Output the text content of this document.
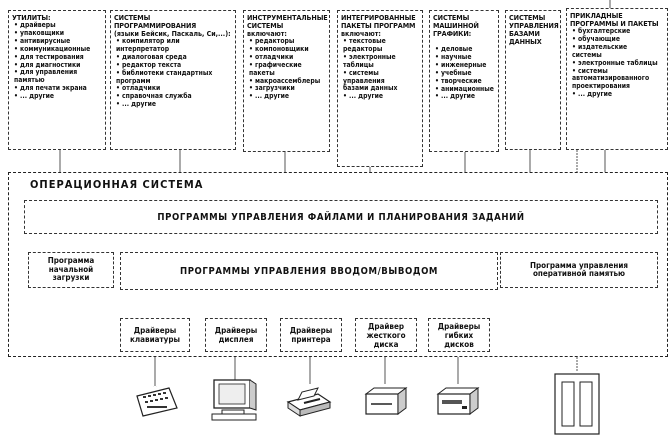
УТИЛИТЫ:
• драйверы
• упаковщики
• антивирусные
• коммуникационные
• для тестирования
• для диагностики
• для управления памятью
• для печати экрана
• ... другие
СИСТЕМЫ ПРОГРАММИРОВАНИЯ
(языки Бейсик, Паскаль, Си,...):
• компилятор или интерпретатор
• диалоговая среда
• редактор текста
• библиотеки стандартных программ
• отладчики
• справочная служба
• ... другие
ИНСТРУМЕНТАЛЬНЫЕ СИСТЕМЫ
включают:
• редакторы
• компоновщики
• отладчики
• графические пакеты
• макроассемблеры
• загрузчики
• ... другие
ИНТЕГРИРОВАННЫЕ ПАКЕТЫ ПРОГРАММ
включают:
• текстовые редакторы
• электронные таблицы
• системы управления базами данных
• ... другие
СИСТЕМЫ МАШИННОЙ ГРАФИКИ:
• деловые
• научные
• инженерные
• учебные
• творческие
• анимационные
• ... другие
СИСТЕМЫ УПРАВЛЕНИЯ БАЗАМИ ДАННЫХ
ПРИКЛАДНЫЕ ПРОГРАММЫ И ПАКЕТЫ
• бухгалтерские
• обучающие
• издательские системы
• электронные таблицы
• системы автоматизированного проектирования
• ... другие
ОПЕРАЦИОННАЯ СИСТЕМА
ПРОГРАММЫ УПРАВЛЕНИЯ ФАЙЛАМИ И ПЛАНИРОВАНИЯ ЗАДАНИЙ
Программа начальной загрузки
ПРОГРАММЫ УПРАВЛЕНИЯ ВВОДОМ/ВЫВОДОМ
Программа управления оперативной памятью
Драйверы клавиатуры
Драйверы дисплея
Драйверы принтера
Драйвер жесткого диска
Драйверы гибких дисков
